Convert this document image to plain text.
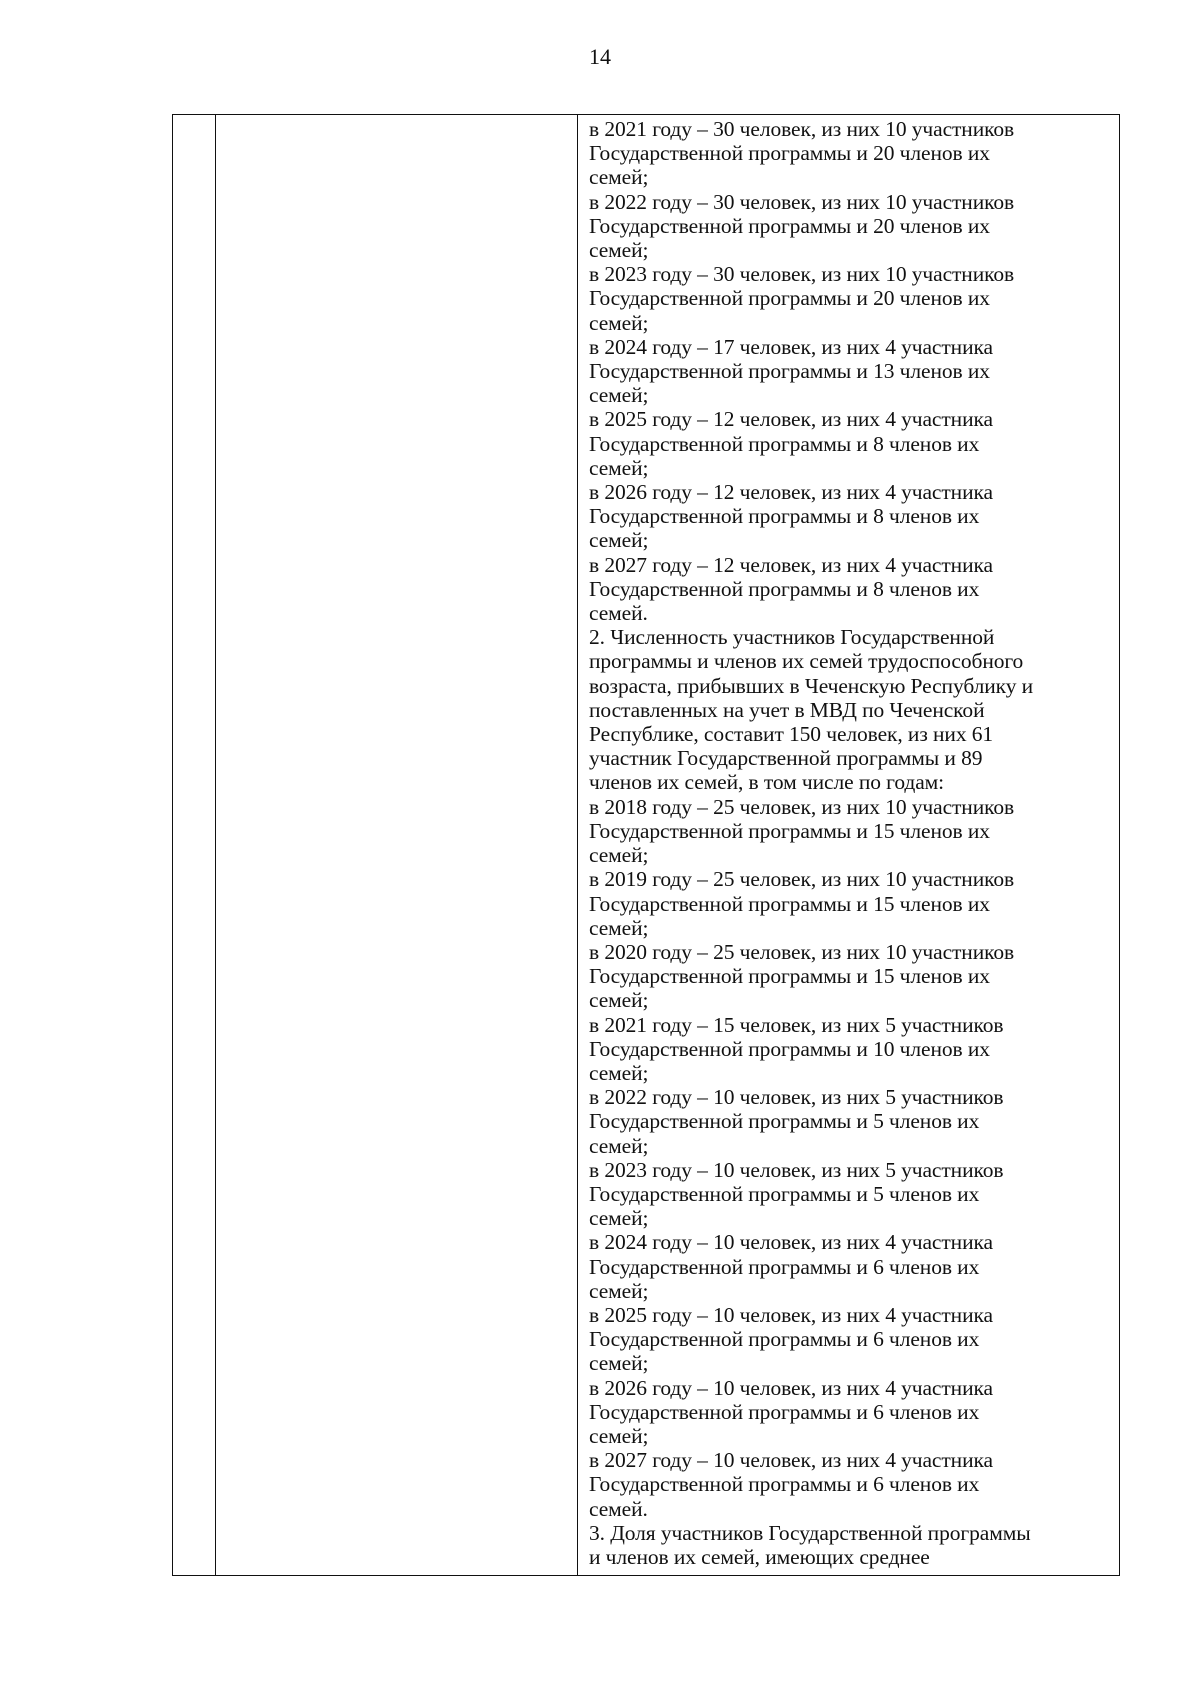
14
в 2021 году – 30 человек, из них 10 участников
Государственной программы и 20 членов их
семей;
в 2022 году – 30 человек, из них 10 участников
Государственной программы и 20 членов их
семей;
в 2023 году – 30 человек, из них 10 участников
Государственной программы и 20 членов их
семей;
в 2024 году – 17 человек, из них 4 участника
Государственной программы и 13 членов их
семей;
в 2025 году – 12 человек, из них 4 участника
Государственной программы и 8 членов их
семей;
в 2026 году – 12 человек, из них 4 участника
Государственной программы и 8 членов их
семей;
в 2027 году – 12 человек, из них 4 участника
Государственной программы и 8 членов их
семей.
2. Численность участников Государственной
программы и членов их семей трудоспособного
возраста, прибывших в Чеченскую Республику и
поставленных на учет в МВД по Чеченской
Республике, составит 150 человек, из них 61
участник Государственной программы и 89
членов их семей, в том числе по годам:
в 2018 году – 25 человек, из них 10 участников
Государственной программы и 15 членов их
семей;
в 2019 году – 25 человек, из них 10 участников
Государственной программы и 15 членов их
семей;
в 2020 году – 25 человек, из них 10 участников
Государственной программы и 15 членов их
семей;
в 2021 году – 15 человек, из них 5 участников
Государственной программы и 10 членов их
семей;
в 2022 году – 10 человек, из них 5 участников
Государственной программы и 5 членов их
семей;
в 2023 году – 10 человек, из них 5 участников
Государственной программы и 5 членов их
семей;
в 2024 году – 10 человек, из них 4 участника
Государственной программы и 6 членов их
семей;
в 2025 году – 10 человек, из них 4 участника
Государственной программы и 6 членов их
семей;
в 2026 году – 10 человек, из них 4 участника
Государственной программы и 6 членов их
семей;
в 2027 году – 10 человек, из них 4 участника
Государственной программы и 6 членов их
семей.
3. Доля участников Государственной программы
и членов их семей, имеющих среднее
